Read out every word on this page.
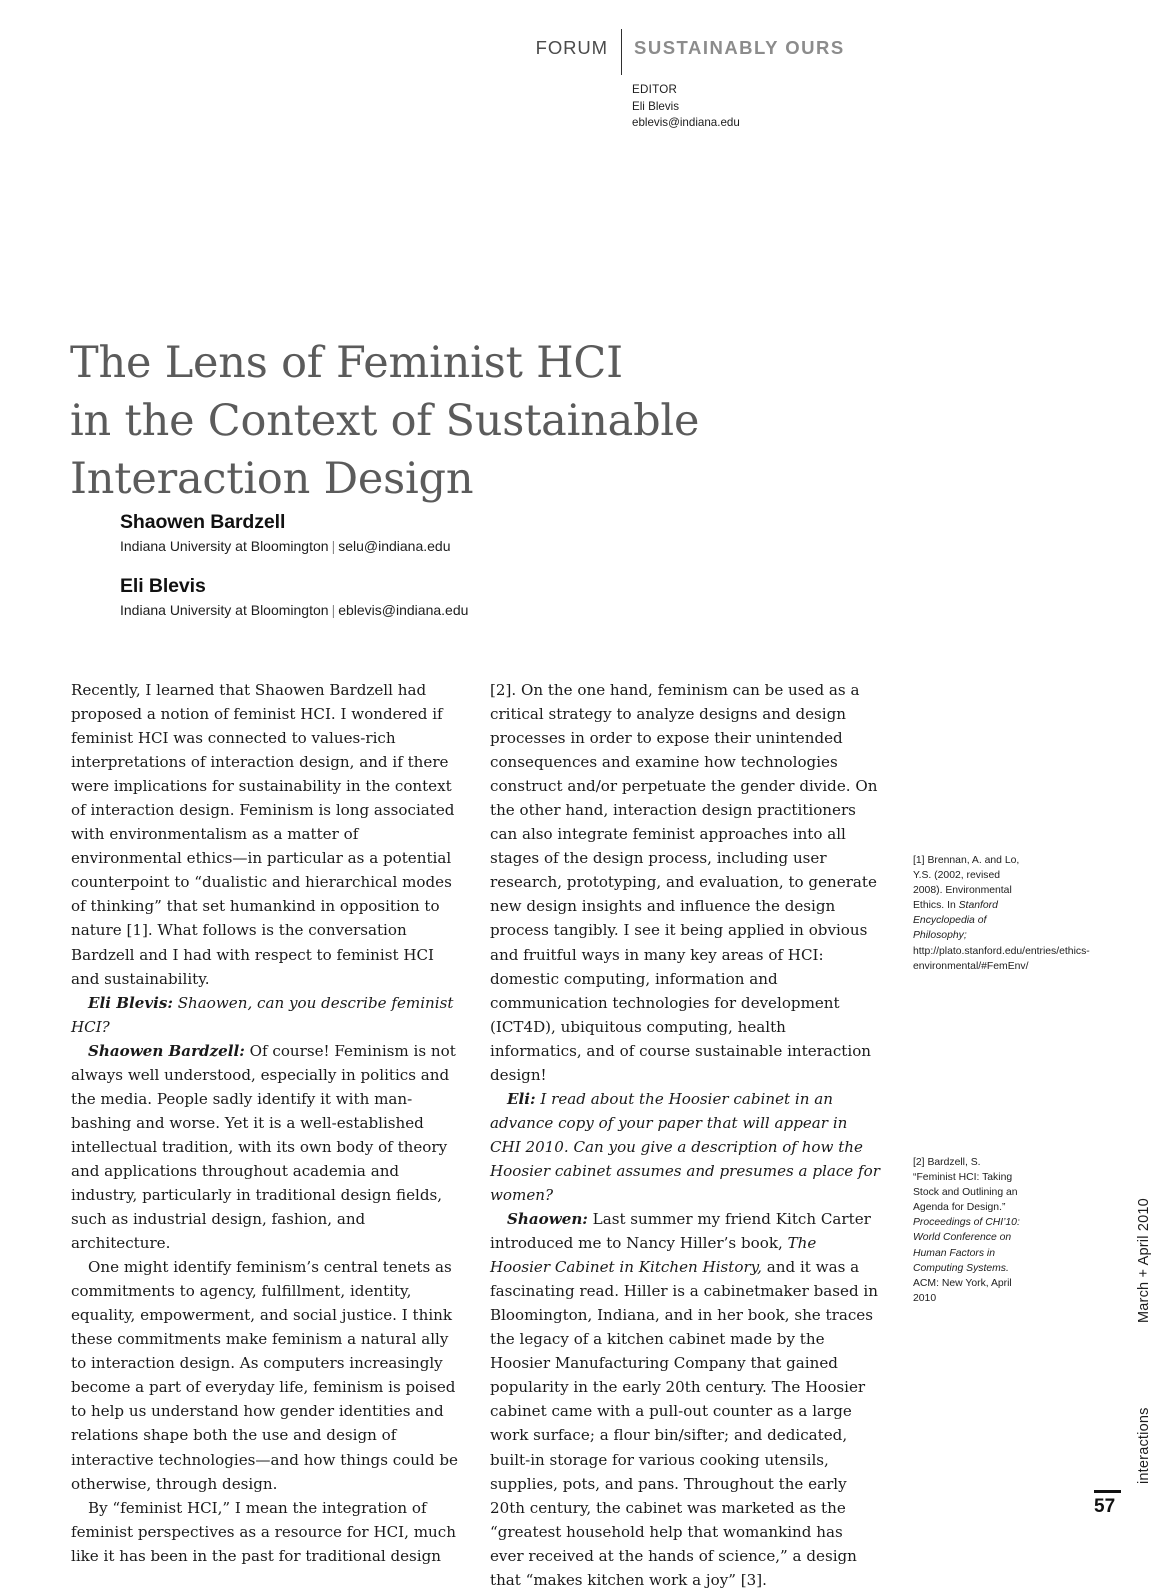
FORUM SUSTAINABLY OURS
EDITOR
Eli Blevis
eblevis@indiana.edu
The Lens of Feminist HCI
in the Context of Sustainable
Interaction Design
Shaowen Bardzell
Indiana University at Bloomington | selu@indiana.edu
Eli Blevis
Indiana University at Bloomington | eblevis@indiana.edu

Recently, I learned that Shaowen Bardzell had proposed a notion of feminist HCI. I wondered if feminist HCI was connected to values-rich interpretations of interaction design, and if there were implications for sustainability in the context of interaction design. Feminism is long associated with environmentalism as a matter of environmental ethics—in particular as a potential counterpoint to “dualistic and hierarchical modes of thinking” that set humankind in opposition to nature [1]. What follows is the conversation Bardzell and I had with respect to feminist HCI and sustainability.

Eli Blevis: Shaowen, can you describe feminist HCI?

Shaowen Bardzell: Of course! Feminism is not always well understood, especially in politics and the media. People sadly identify it with man-bashing and worse. Yet it is a well-established intellectual tradition, with its own body of theory and applications throughout academia and industry, particularly in traditional design fields, such as industrial design, fashion, and architecture.

One might identify feminism’s central tenets as commitments to agency, fulfillment, identity, equality, empowerment, and social justice. I think these commitments make feminism a natural ally to interaction design. As computers increasingly become a part of everyday life, feminism is poised to help us understand how gender identities and relations shape both the use and design of interactive technologies—and how things could be otherwise, through design.

By “feminist HCI,” I mean the integration of feminist perspectives as a resource for HCI, much like it has been in the past for traditional design

[2]. On the one hand, feminism can be used as a critical strategy to analyze designs and design processes in order to expose their unintended consequences and examine how technologies construct and/or perpetuate the gender divide. On the other hand, interaction design practitioners can also integrate feminist approaches into all stages of the design process, including user research, prototyping, and evaluation, to generate new design insights and influence the design process tangibly. I see it being applied in obvious and fruitful ways in many key areas of HCI: domestic computing, information and communication technologies for development (ICT4D), ubiquitous computing, health informatics, and of course sustainable interaction design!

Eli: I read about the Hoosier cabinet in an advance copy of your paper that will appear in CHI 2010. Can you give a description of how the Hoosier cabinet assumes and presumes a place for women?

Shaowen: Last summer my friend Kitch Carter introduced me to Nancy Hiller’s book, The Hoosier Cabinet in Kitchen History, and it was a fascinating read. Hiller is a cabinetmaker based in Bloomington, Indiana, and in her book, she traces the legacy of a kitchen cabinet made by the Hoosier Manufacturing Company that gained popularity in the early 20th century. The Hoosier cabinet came with a pull-out counter as a large work surface; a flour bin/sifter; and dedicated, built-in storage for various cooking utensils, supplies, pots, and pans. Throughout the early 20th century, the cabinet was marketed as the “greatest household help that womankind has ever received at the hands of science,” a design that “makes kitchen work a joy” [3].

[1] Brennan, A. and Lo, Y.S. (2002, revised 2008). Environmental Ethics. In Stanford Encyclopedia of Philosophy; http://plato.stanford.edu/entries/ethics-environmental/#FemEnv/
[2] Bardzell, S. “Feminist HCI: Taking Stock and Outlining an Agenda for Design.” Proceedings of CHI’10: World Conference on Human Factors in Computing Systems. ACM: New York, April 2010	March + April 2010
interactions
57
